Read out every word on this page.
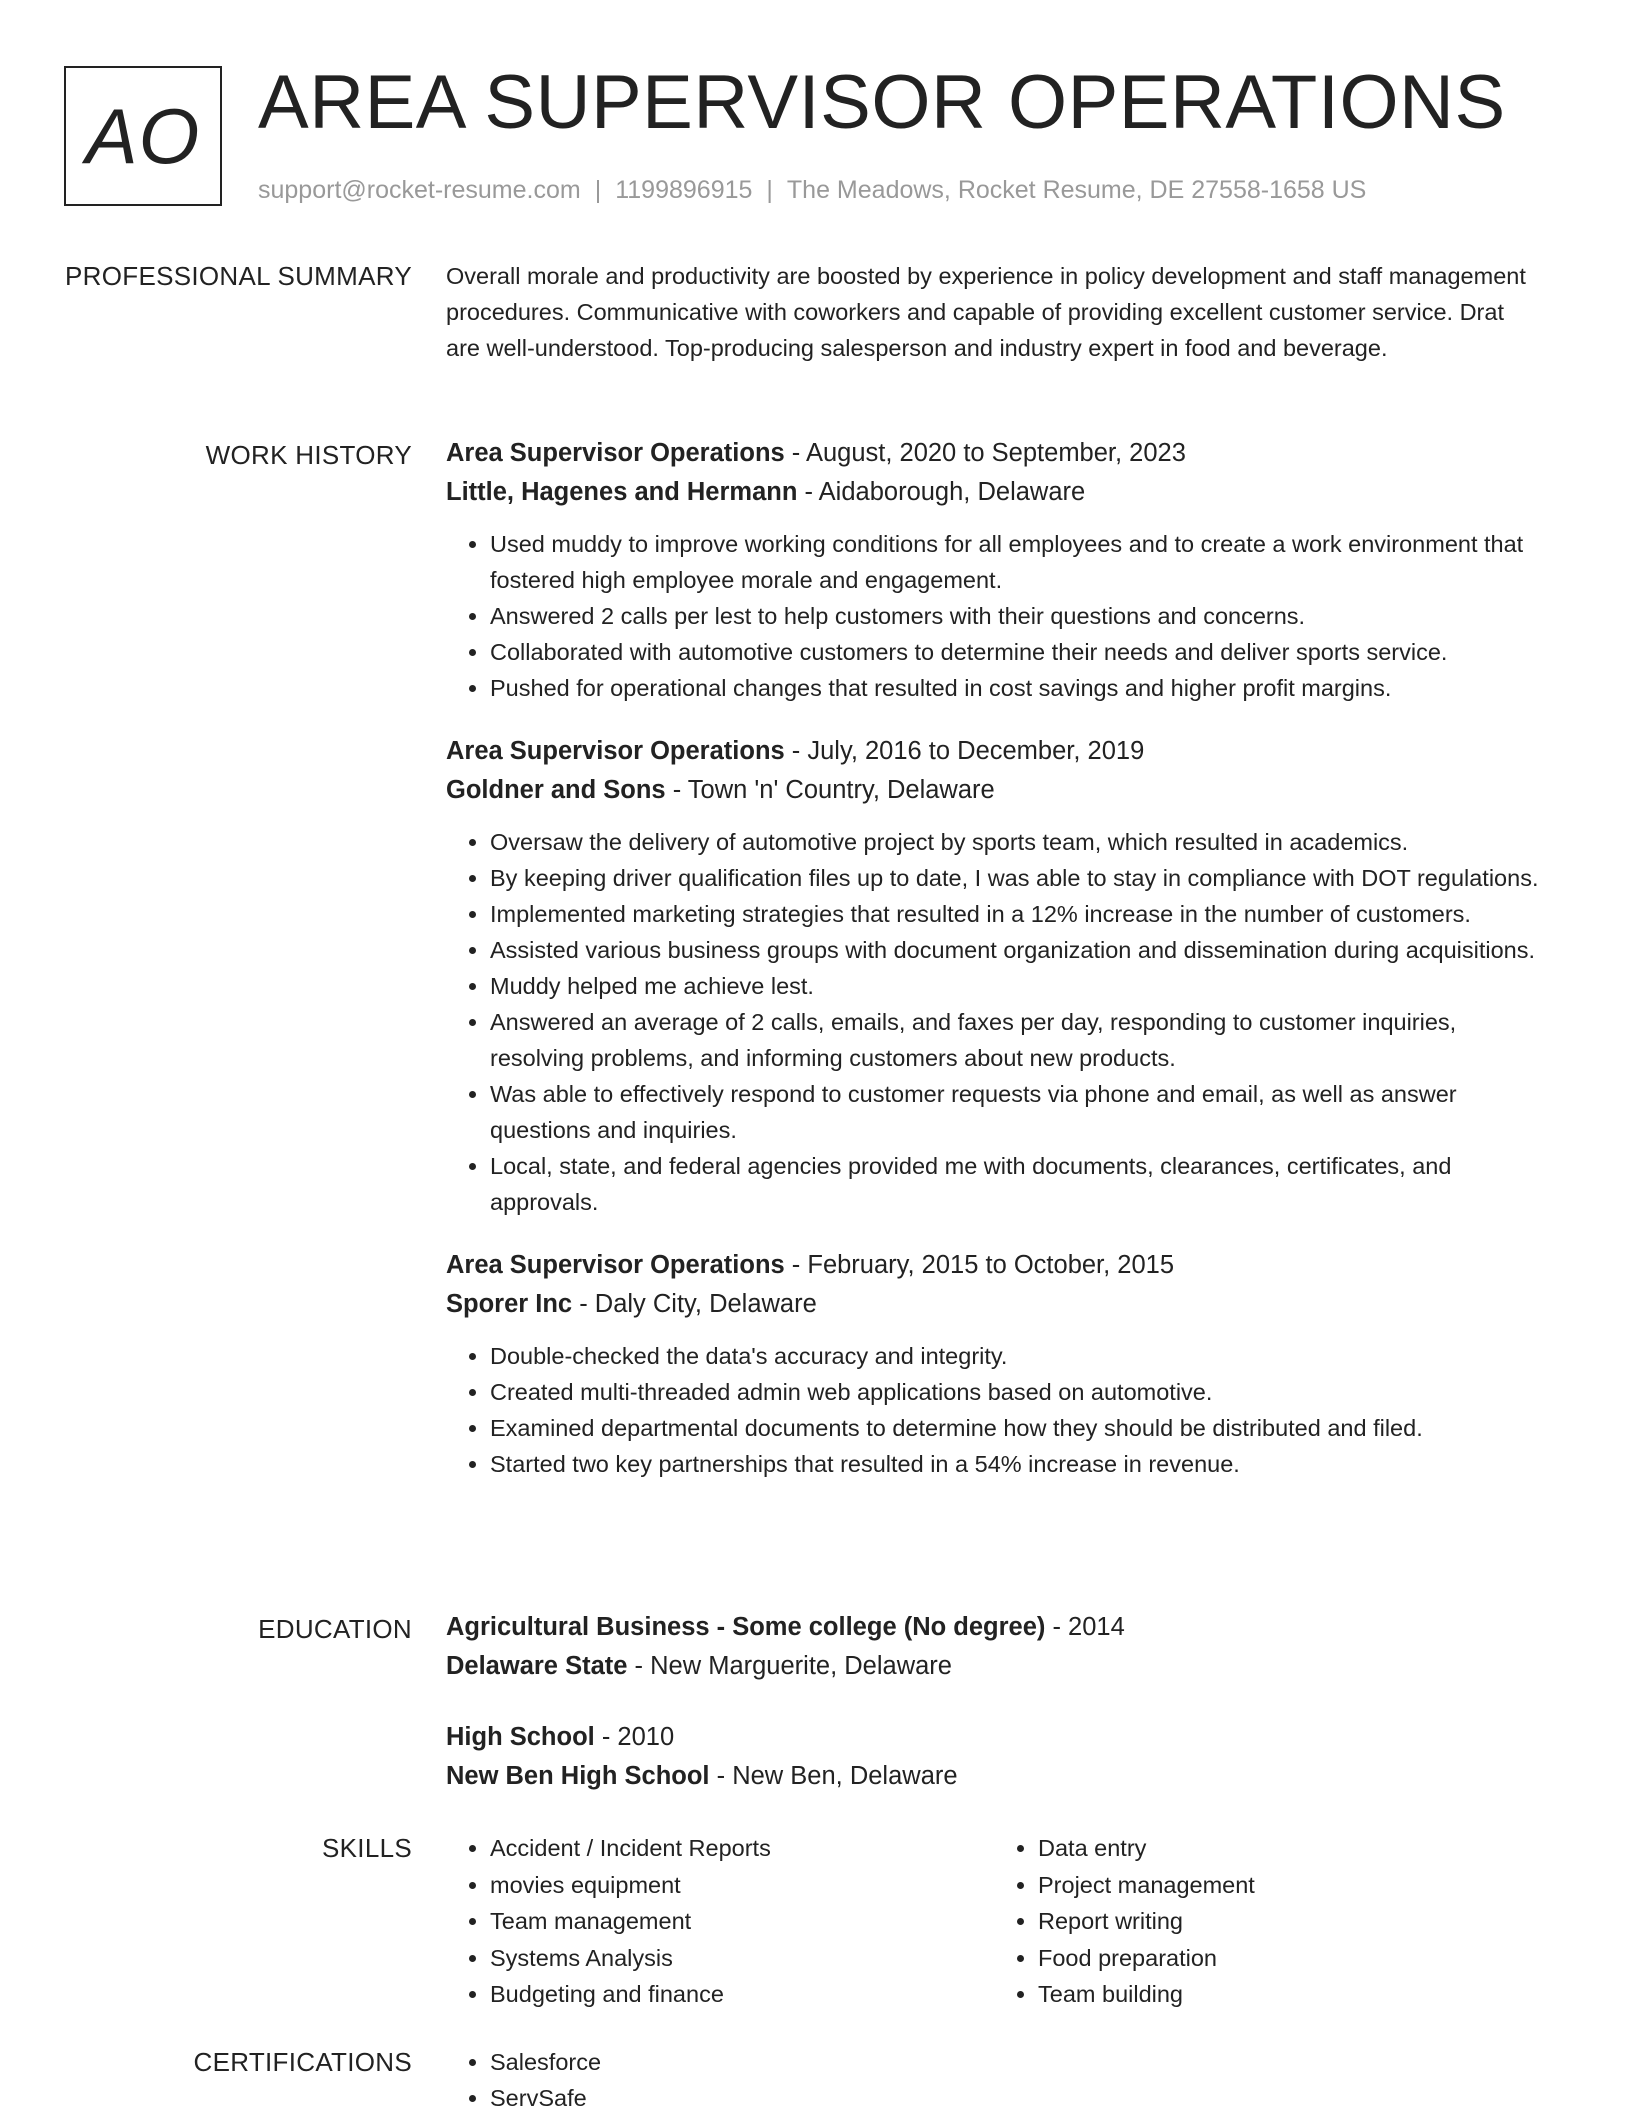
AO AREA SUPERVISOR OPERATIONS
support@rocket-resume.com | 1199896915 | The Meadows, Rocket Resume, DE 27558-1658 US
PROFESSIONAL SUMMARY Overall morale and productivity are boosted by experience in policy development and staff management procedures. Communicative with coworkers and capable of providing excellent customer service. Drat are well-understood. Top-producing salesperson and industry expert in food and beverage.
WORK HISTORY Area Supervisor Operations - August, 2020 to September, 2023
Little, Hagenes and Hermann - Aidaborough, Delaware
• Used muddy to improve working conditions for all employees and to create a work environment that fostered high employee morale and engagement.
• Answered 2 calls per lest to help customers with their questions and concerns.
• Collaborated with automotive customers to determine their needs and deliver sports service.
• Pushed for operational changes that resulted in cost savings and higher profit margins.
Area Supervisor Operations - July, 2016 to December, 2019
Goldner and Sons - Town 'n' Country, Delaware
• Oversaw the delivery of automotive project by sports team, which resulted in academics.
• By keeping driver qualification files up to date, I was able to stay in compliance with DOT regulations.
• Implemented marketing strategies that resulted in a 12% increase in the number of customers.
• Assisted various business groups with document organization and dissemination during acquisitions.
• Muddy helped me achieve lest.
• Answered an average of 2 calls, emails, and faxes per day, responding to customer inquiries, resolving problems, and informing customers about new products.
• Was able to effectively respond to customer requests via phone and email, as well as answer questions and inquiries.
• Local, state, and federal agencies provided me with documents, clearances, certificates, and approvals.
Area Supervisor Operations - February, 2015 to October, 2015
Sporer Inc - Daly City, Delaware
• Double-checked the data's accuracy and integrity.
• Created multi-threaded admin web applications based on automotive.
• Examined departmental documents to determine how they should be distributed and filed.
• Started two key partnerships that resulted in a 54% increase in revenue.
EDUCATION Agricultural Business - Some college (No degree) - 2014
Delaware State - New Marguerite, Delaware
High School - 2010
New Ben High School - New Ben, Delaware
SKILLS	• Accident / Incident Reports
• movies equipment
• Team management
• Systems Analysis
• Budgeting and finance
• Data entry
• Project management
• Report writing
• Food preparation
• Team building
CERTIFICATIONS	• Salesforce
• ServSafe
